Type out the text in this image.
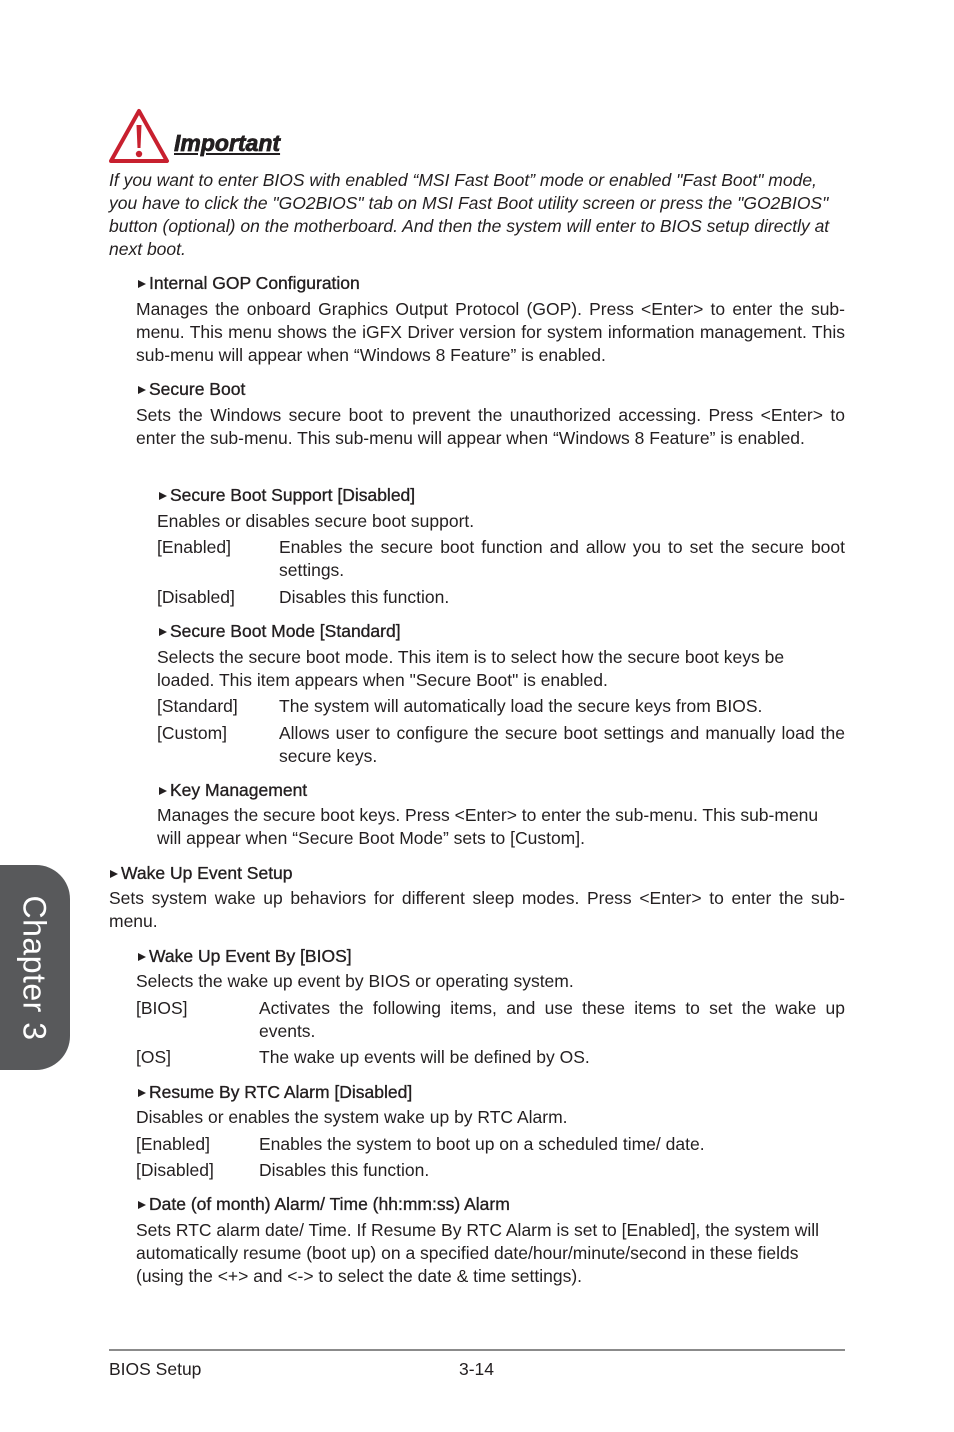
Important
If you want to enter BIOS with enabled “MSI Fast Boot” mode or enabled "Fast Boot" mode, you have to click the "GO2BIOS" tab on MSI Fast Boot utility screen or press the "GO2BIOS" button (optional) on the motherboard. And then the system will enter to BIOS setup directly at next boot.
Internal GOP Configuration
Manages the onboard Graphics Output Protocol (GOP). Press <Enter> to enter the sub-menu. This menu shows the iGFX Driver version for system information management. This sub-menu will appear when “Windows 8 Feature” is enabled.
Secure Boot
Sets the Windows secure boot to prevent the unauthorized accessing. Press <Enter> to enter the sub-menu. This sub-menu will appear when “Windows 8 Feature” is enabled.
Secure Boot Support [Disabled]
Enables or disables secure boot support.
[Enabled]	Enables the secure boot function and allow you to set the secure boot settings.
[Disabled]	Disables this function.
Secure Boot Mode [Standard]
Selects the secure boot mode. This item is to select how the secure boot keys be loaded. This item appears when "Secure Boot" is enabled.
[Standard] The system will automatically load the secure keys from BIOS.
[Custom]	Allows user to configure the secure boot settings and manually load the secure keys.
Key Management
Manages the secure boot keys. Press <Enter> to enter the sub-menu. This sub-menu will appear when “Secure Boot Mode” sets to [Custom].
Wake Up Event Setup
Sets system wake up behaviors for different sleep modes. Press <Enter> to enter the sub-menu.
Wake Up Event By [BIOS]
Selects the wake up event by BIOS or operating system.
[BIOS]	Activates the following items, and use these items to set the wake up events.
[OS]	The wake up events will be defined by OS.
Resume By RTC Alarm [Disabled]
Disables or enables the system wake up by RTC Alarm.
[Enabled]	Enables the system to boot up on a scheduled time/ date.
[Disabled]	Disables this function.
Date (of month) Alarm/ Time (hh:mm:ss) Alarm
Sets RTC alarm date/ Time. If Resume By RTC Alarm is set to [Enabled], the system will automatically resume (boot up) on a specified date/hour/minute/second in these fields (using the <+> and <-> to select the date & time settings).
Chapter 3
BIOS Setup	3-14
